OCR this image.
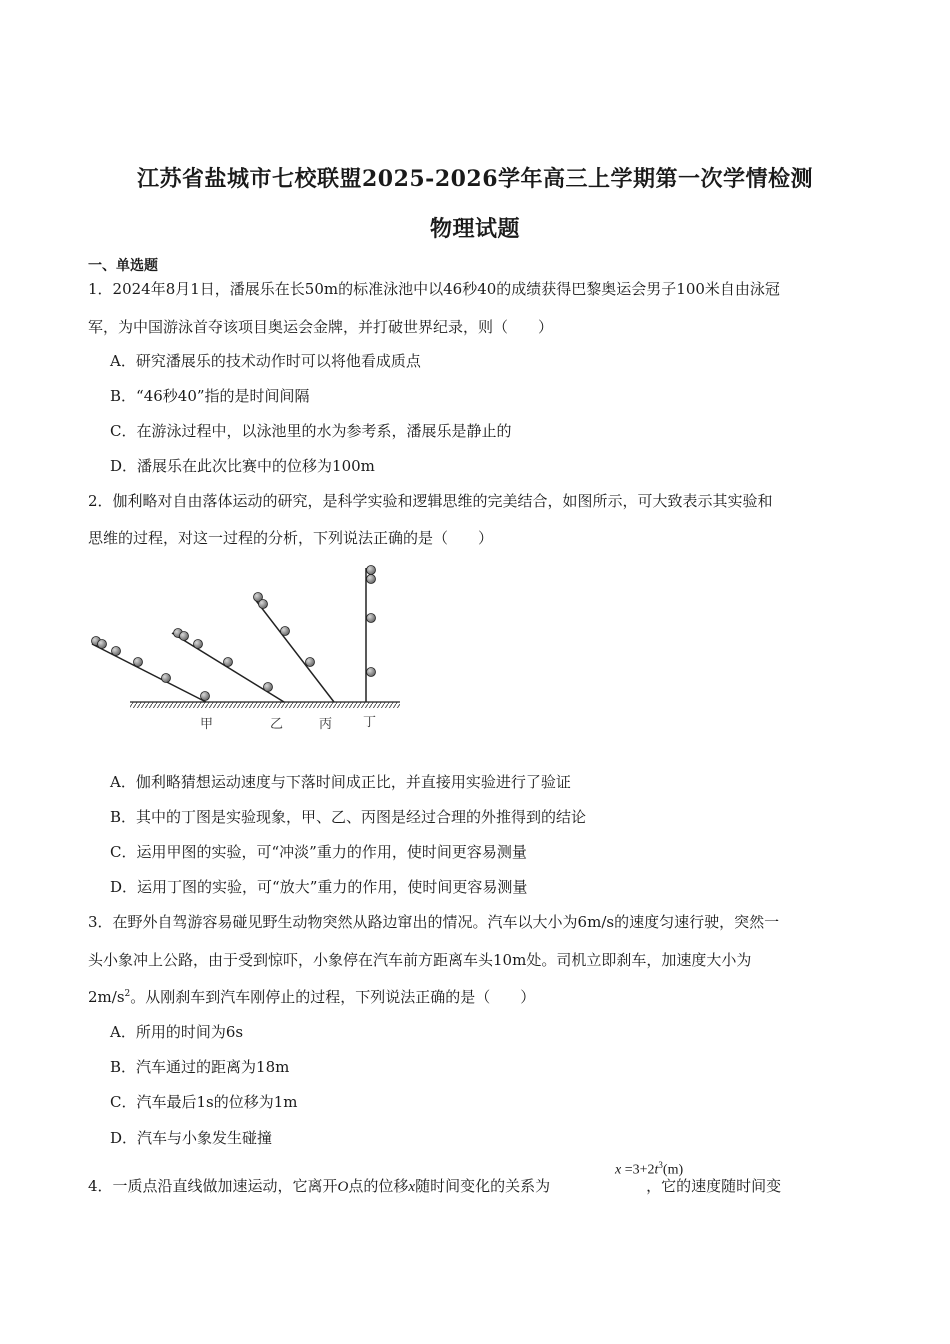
江苏省盐城市七校联盟2025-2026学年高三上学期第一次学情检测
物理试题
一、单选题
1．2024年8月1日，潘展乐在长50m的标准泳池中以46秒40的成绩获得巴黎奥运会男子100米自由泳冠
军，为中国游泳首夺该项目奥运会金牌，并打破世界纪录，则（　　）
A．研究潘展乐的技术动作时可以将他看成质点
B．“46秒40”指的是时间间隔
C．在游泳过程中，以泳池里的水为参考系，潘展乐是静止的
D．潘展乐在此次比赛中的位移为100m
2．伽利略对自由落体运动的研究，是科学实验和逻辑思维的完美结合，如图所示，可大致表示其实验和
思维的过程，对这一过程的分析，下列说法正确的是（　　）
甲	乙	丙 丁
A．伽利略猜想运动速度与下落时间成正比，并直接用实验进行了验证
B．其中的丁图是实验现象，甲、乙、丙图是经过合理的外推得到的结论
C．运用甲图的实验，可“冲淡”重力的作用，使时间更容易测量
D．运用丁图的实验，可“放大”重力的作用，使时间更容易测量
3．在野外自驾游容易碰见野生动物突然从路边窜出的情况。汽车以大小为6m/s的速度匀速行驶，突然一
头小象冲上公路，由于受到惊吓，小象停在汽车前方距离车头10m处。司机立即刹车，加速度大小为
$2m/s^2$。从刚刹车到汽车刚停止的过程，下列说法正确的是（　　）
A．所用的时间为6s
B．汽车通过的距离为18m
C．汽车最后1s的位移为1m
D．汽车与小象发生碰撞
$x =3+2t^3(m)$
4．一质点沿直线做加速运动，它离开O点的位移x随时间变化的关系为	，它的速度随时间变
